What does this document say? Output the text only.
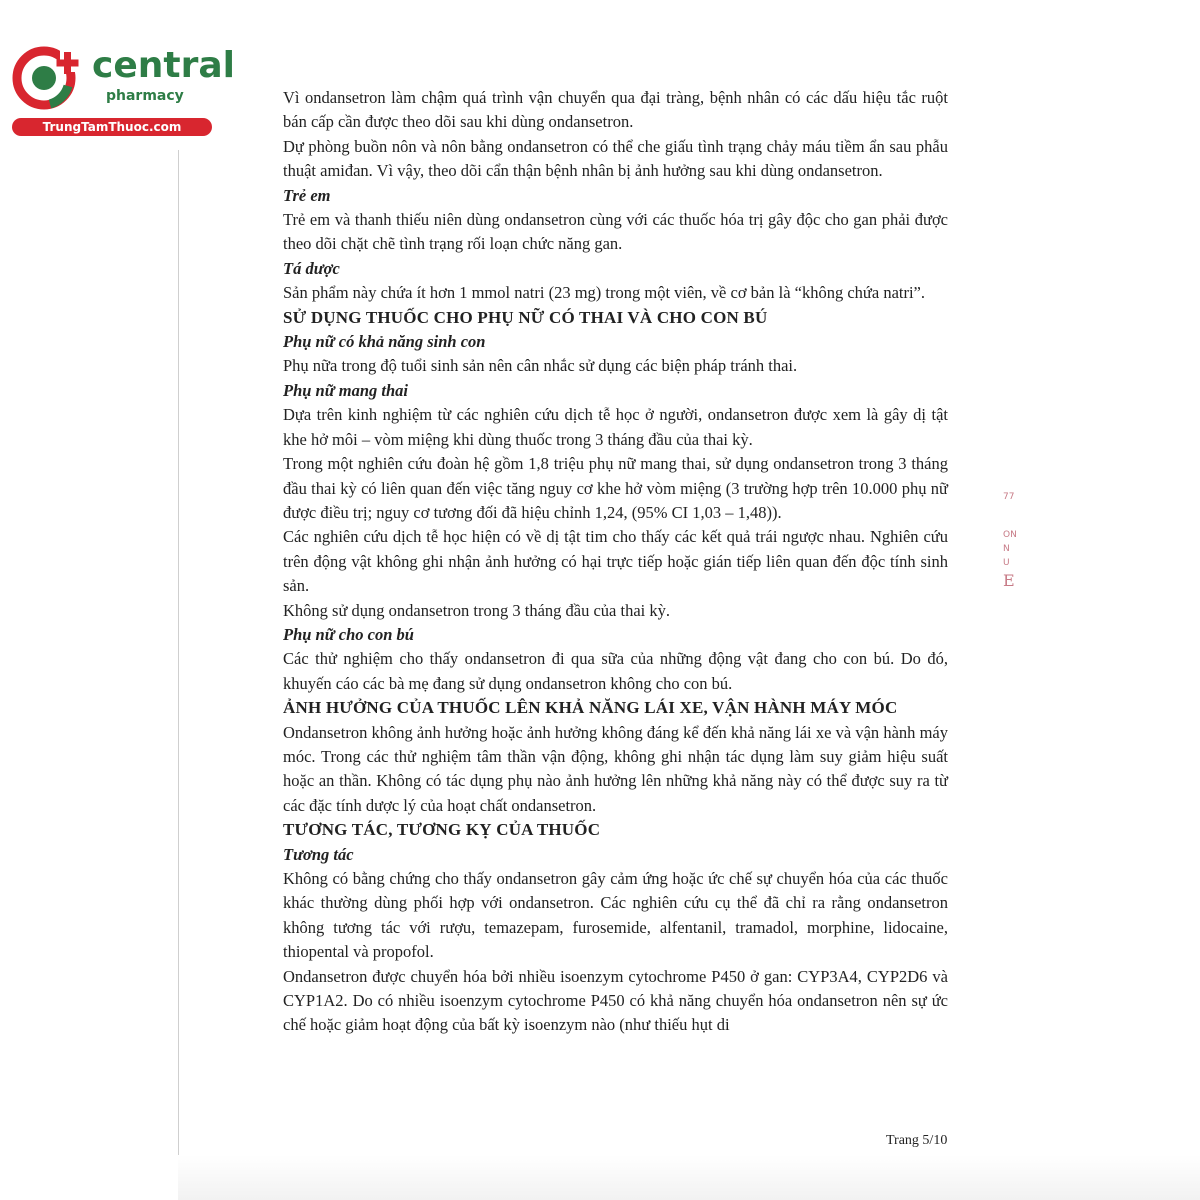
central
pharmacy
TrungTamThuoc.com

Vì ondansetron làm chậm quá trình vận chuyển qua đại tràng, bệnh nhân có các dấu hiệu tắc ruột bán cấp cần được theo dõi sau khi dùng ondansetron.

Dự phòng buồn nôn và nôn bằng ondansetron có thể che giấu tình trạng chảy máu tiềm ẩn sau phẫu thuật amiđan. Vì vậy, theo dõi cẩn thận bệnh nhân bị ảnh hưởng sau khi dùng ondansetron.

Trẻ em

Trẻ em và thanh thiếu niên dùng ondansetron cùng với các thuốc hóa trị gây độc cho gan phải được theo dõi chặt chẽ tình trạng rối loạn chức năng gan.

Tá dược

Sản phẩm này chứa ít hơn 1 mmol natri (23 mg) trong một viên, về cơ bản là “không chứa natri”.

SỬ DỤNG THUỐC CHO PHỤ NỮ CÓ THAI VÀ CHO CON BÚ

Phụ nữ có khả năng sinh con

Phụ nữa trong độ tuổi sinh sản nên cân nhắc sử dụng các biện pháp tránh thai.

Phụ nữ mang thai

Dựa trên kinh nghiệm từ các nghiên cứu dịch tễ học ở người, ondansetron được xem là gây dị tật khe hở môi – vòm miệng khi dùng thuốc trong 3 tháng đầu của thai kỳ.

Trong một nghiên cứu đoàn hệ gồm 1,8 triệu phụ nữ mang thai, sử dụng ondansetron trong 3 tháng đầu thai kỳ có liên quan đến việc tăng nguy cơ khe hở vòm miệng (3 trường hợp trên 10.000 phụ nữ được điều trị; nguy cơ tương đối đã hiệu chỉnh 1,24, (95% CI 1,03 – 1,48)).

Các nghiên cứu dịch tễ học hiện có về dị tật tim cho thấy các kết quả trái ngược nhau. Nghiên cứu trên động vật không ghi nhận ảnh hưởng có hại trực tiếp hoặc gián tiếp liên quan đến độc tính sinh sản.

Không sử dụng ondansetron trong 3 tháng đầu của thai kỳ.

Phụ nữ cho con bú

Các thử nghiệm cho thấy ondansetron đi qua sữa của những động vật đang cho con bú. Do đó, khuyến cáo các bà mẹ đang sử dụng ondansetron không cho con bú.

ẢNH HƯỞNG CỦA THUỐC LÊN KHẢ NĂNG LÁI XE, VẬN HÀNH MÁY MÓC

Ondansetron không ảnh hưởng hoặc ảnh hưởng không đáng kể đến khả năng lái xe và vận hành máy móc. Trong các thử nghiệm tâm thần vận động, không ghi nhận tác dụng làm suy giảm hiệu suất hoặc an thần. Không có tác dụng phụ nào ảnh hưởng lên những khả năng này có thể được suy ra từ các đặc tính dược lý của hoạt chất ondansetron.

TƯƠNG TÁC, TƯƠNG KỴ CỦA THUỐC

Tương tác

Không có bằng chứng cho thấy ondansetron gây cảm ứng hoặc ức chế sự chuyển hóa của các thuốc khác thường dùng phối hợp với ondansetron. Các nghiên cứu cụ thể đã chỉ ra rằng ondansetron không tương tác với rượu, temazepam, furosemide, alfentanil, tramadol, morphine, lidocaine, thiopental và propofol.

Ondansetron được chuyển hóa bởi nhiều isoenzym cytochrome P450 ở gan: CYP3A4, CYP2D6 và CYP1A2. Do có nhiều isoenzym cytochrome P450 có khả năng chuyển hóa ondansetron nên sự ức chế hoặc giảm hoạt động của bất kỳ isoenzym nào (như thiếu hụt di

77
ON
N
U
E
Trang 5/10
